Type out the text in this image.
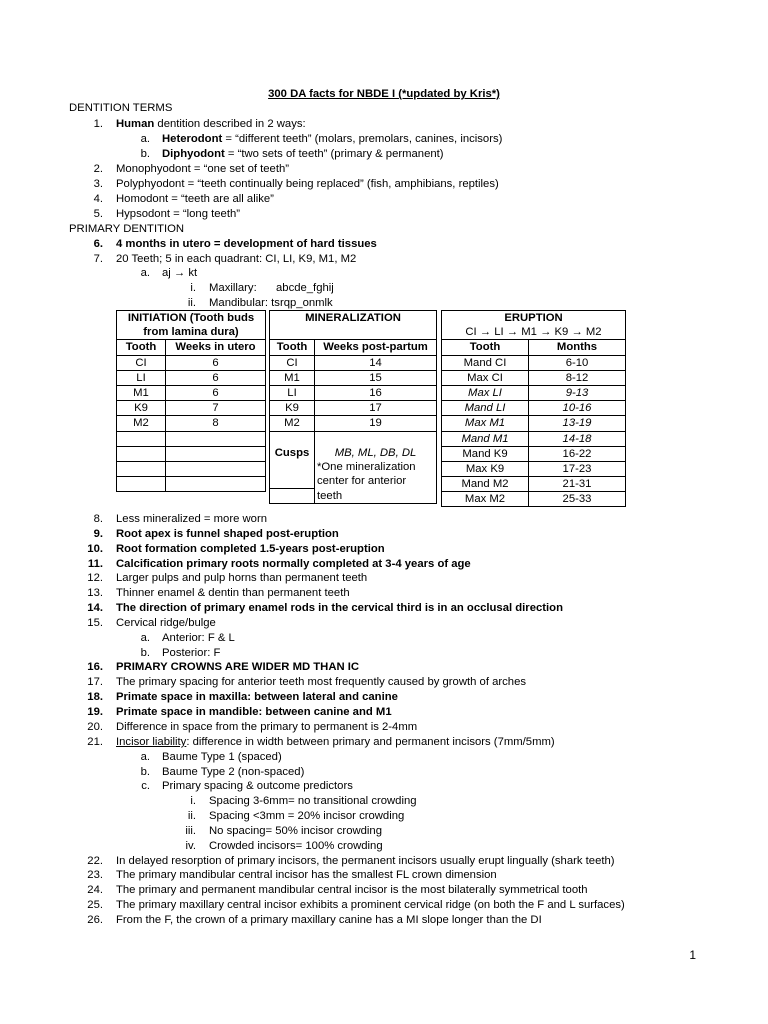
300 DA facts for NBDE I (*updated by Kris*)
DENTITION TERMS
1. Human dentition described in 2 ways:
a. Heterodont = “different teeth” (molars, premolars, canines, incisors)
b. Diphyodont = “two sets of teeth” (primary & permanent)
2. Monophyodont = “one set of teeth”
3. Polyphyodont = “teeth continually being replaced” (fish, amphibians, reptiles)
4. Homodont = “teeth are all alike”
5. Hypsodont = “long teeth”
PRIMARY DENTITION
6. 4 months in utero = development of hard tissues
7. 20 Teeth; 5 in each quadrant: CI, LI, K9, M1, M2
a. aj → kt
i. Maxillary: abcde_fghij
ii. Mandibular: tsrqp_onmlk
INITIATION (Tooth buds	
from lamina dura)	
Tooth	Weeks in utero
CI	6
LI	6
M1	6
K9	7
M2	8

MINERALIZATION	

Tooth	Weeks post-partum
CI	14
M1	15
LI	16
K9	17
M2	19

Cusps	MB, ML, DB, DL
	*One mineralization
	center for anterior
	teeth
ERUPTION	
CI → LI → M1 → K9 → M2	
Tooth	Months
Mand CI	6-10
Max CI	8-12
Max LI	9-13
Mand LI	10-16
Max M1	13-19
Mand M1	14-18
Mand K9	16-22
Max K9	17-23
Mand M2	21-31
Max M2	25-33
8. Less mineralized = more worn
9. Root apex is funnel shaped post-eruption
10. Root formation completed 1.5-years post-eruption
11. Calcification primary roots normally completed at 3-4 years of age
12. Larger pulps and pulp horns than permanent teeth
13. Thinner enamel & dentin than permanent teeth
14. The direction of primary enamel rods in the cervical third is in an occlusal direction
15. Cervical ridge/bulge
a. Anterior: F & L
b. Posterior: F
16. PRIMARY CROWNS ARE WIDER MD THAN IC
17. The primary spacing for anterior teeth most frequently caused by growth of arches
18. Primate space in maxilla: between lateral and canine
19. Primate space in mandible: between canine and M1
20. Difference in space from the primary to permanent is 2-4mm
21. Incisor liability: difference in width between primary and permanent incisors (7mm/5mm)
a. Baume Type 1 (spaced)
b. Baume Type 2 (non-spaced)
c. Primary spacing & outcome predictors
i. Spacing 3-6mm= no transitional crowding
ii. Spacing <3mm = 20% incisor crowding
iii. No spacing= 50% incisor crowding
iv. Crowded incisors= 100% crowding
22. In delayed resorption of primary incisors, the permanent incisors usually erupt lingually (shark teeth)
23. The primary mandibular central incisor has the smallest FL crown dimension
24. The primary and permanent mandibular central incisor is the most bilaterally symmetrical tooth
25. The primary maxillary central incisor exhibits a prominent cervical ridge (on both the F and L surfaces)
26. From the F, the crown of a primary maxillary canine has a MI slope longer than the DI
1
